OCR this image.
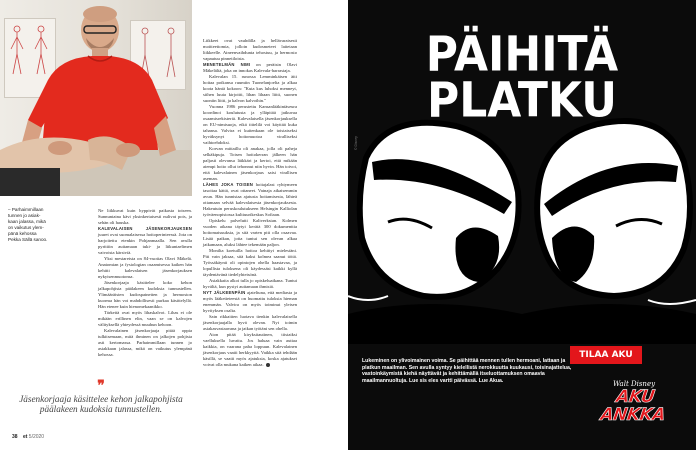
– Parhaimmillaan
tunnen jo asiak-
kaan jalassa, mikä
on vaikutus ylem-
pänä kehossa
Pekka Sällä sanoo.

Ne liikkuvat kuin hyppivät paikasta toiseen. Sunnuntaina kävi yksinkertaisesti nulivat pois, ja sehän oli hauska.

KALEVALAISEN JÄSENKORJAUKSEN juuret ovat suomalaisessa hoitoperinteessä. Jota on harjoitettu etenkin Pohjanmaalla. Sen avulla pyrittiin auttamaan tuki- ja liikuntaelimen vaivoista kärsiviä.

Yksi mestareista on 84-vuotias Olavi Mäkelä. Anatomian ja fysiologian osaamisessa kaiken hän kehitti kalevalaisen jäsenkorjauksen nykyisenmuotonsa.

Jäsenkorjaaja käsittelee koko kehon jalkapohjista päälakeen kudoksia tunnustellen. Ylimääräisten kudospainetten ja hermoston kuorma hän voi mahdollisesti purkaa käsittelyllä. Hän etenee kuin hienomekaanikko.

Tärkeitä ovat myös lihaskalvot. Lihas ei ole mikään erillinen elin, vaan se on kalvojen välityksellä yhteydessä muuhun kehoon.

Kalevalainen jäsenkorjaaja pitää oppia tulkitsemaan, mitä ihminen on jalkojen pohjista asti kertomassa. Parhaimmillaan tunnen jo asiakkaan jalassa, mikä on vaikutus ylempänä kehossa.

Liikkeet ovat vauhdilla ja hellävaraisesti moitteettomia, jolloin kudosmeteet laitetaan liikkeelle. Aineenvaihdunta tehostuu, ja hermosto vapautuu pinnetiloista.

MENETELMÄN NIMI on peräisin Olavi Mäkelältä, joka on innokas Kalevala-harrastaja.

Kalevalan 15. runossa Lemminkäisen äiti hoitaa poikansa ruumiin Tuonelanjoelta ja alkaa koota häntä kokoon: "Kuta kus luhoksi menneyt, siihen luuta kirjoitti, lihan lihaan liitti, suonen suoniin liitti, ja kalvon kalvoihin."

Vuonna 1986 perustettu Kansanlääkintäseura koordinoi koulutusta ja ylläpitää jatkuvaa osaamisrekisteriä. Kalevalaisella jäsenkorjauksella on EU-nimisuoja, eikä tittelilä voi käyttää kuka tahansa. Valvira ei kuitenkaan ole toistaiseksi hyväksynyt hoitomuotoa viralliseksi vaihtoehdoksi.

Korvan mittaillu oli anakaa, jolla oli paheja selkäkipuja. Toisen hoitokerran jälkeen hän paljasti olevansa läikkäri ja kertoi, että mikään aiempi hoito ollut tehonnut niin hyvin. Hän toivoi, että kalevalainen jäsenkorjaus saisi virallisen aseman.

LÄHES JOKA TOISEN hoitajalast ryhtymeen tasoitaa kättä, ovat ottaneet. Vainaja aikaisemmin avun. Hän tunnistaa ajatusta hoitamisesta, lähteä ottamaan selvää kalevalaisesta jäsenkorjauksesta. Hakeutuin peruskoulutukseen Helsingin Kalliolan työväenopistossa kulttuurikeskus Sofiaan.

Opiskelu palvelutti Kaliverkstan. Kolmen vuoden aikana täytyi kerätä 300 dokumenttia hoitomaisuuksia, ja sitä varten piti olla osaavaa. Lisää paikan, jotta tuntui sen olevan alkaa jatkamaan, aluksi lähtee tekemään paljon.

Monilta koetuilla hoitoa kehittyi mielestäni. Piti vain jaksaa, sitä kaksi kolmea saanut töitä. Työssäkäynti oli opintojen ohella haastavaa, ja lopullista tuloksena oli käydessäsi kaikki kyllä täydentävänä tiedelyhteisönä.

Asiakkaita alkoi tulla jo opiskeluaikana. Tuntui hyvältä, kun pystyi auttamaan ihmisiä.

NYT JÄLKEENPÄIN ajateltuna, että mediasta ja myös lääketieteestä on huomattu tuloksia hieman enemmän. Valvira on myös toiminut yleisen hyvityksen osalta.

Sain rikkaitten luotava tienkin kalevalaisella jäsenkorjaajalla hyvä olevan. Nyt toimin asiakasvastaavana ja jatkan työtäni sen ohella.

Aion pitää kiryksitautinen, tiistaiksi vaelluksella luvattu. Jos haluaa vain auttaa kaikkia, on vaarana paha loppuun. Kalevalainen jäsenkorjaus vaatii herkkyyttä. Vaikka sitä tehdään käsillä, se vaatii myös ajatuksia, koska ajatukset voivat olla mukana kaiken aikaa.

❞
Jäsenkorjaaja käsittelee kehon jalkapohjista päälakeen kudoksia tunnustellen.
38 et 5/2020
PÄIHITÄ
PLATKU
© Disney
TILAA AKU
Lukeminen on ylivoimainen voima. Se päihittää mennen tullen hermoani, lattaan ja platkun maailman. Sen avulla syntyy kielellistä nerokkuutta kuukausi, toisinajattelua, vastoinkäymistä kiehä näyttävät ja kehittämällä itseluottamuksen omaavia maailmannuoltuja. Lue sis eles vartti päivässä. Lue Akua.	Walt Disney
AKU ANKKA
